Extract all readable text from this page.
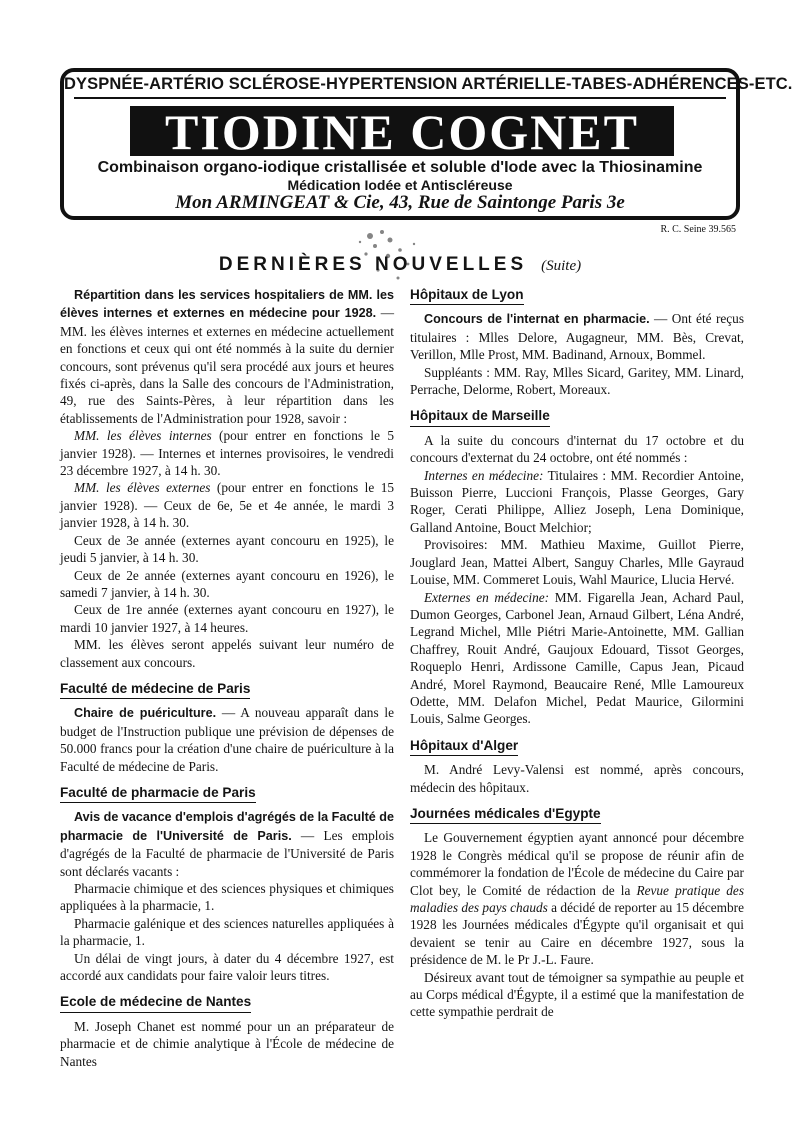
DYSPNÉE-ARTÉRIO SCLÉROSE-HYPERTENSION ARTÉRIELLE-TABES-ADHÉRENCES-ETC.
TIODINE COGNET
Combinaison organo-iodique cristallisée et soluble d'Iode avec la Thiosinamine
Médication Iodée et Antiscléreuse
Mon ARMINGEAT & Cie, 43, Rue de Saintonge Paris 3e
R. C. Seine 39.565
DERNIÈRES NOUVELLES (Suite)

Répartition dans les services hospitaliers de MM. les élèves internes et externes en médecine pour 1928. — MM. les élèves internes et externes en médecine actuellement en fonctions et ceux qui ont été nommés à la suite du dernier concours, sont prévenus qu'il sera procédé aux jours et heures fixés ci-après, dans la Salle des concours de l'Administration, 49, rue des Saints-Pères, à leur répartition dans les établissements de l'Administration pour 1928, savoir :

MM. les élèves internes (pour entrer en fonctions le 5 janvier 1928). — Internes et internes provisoires, le vendredi 23 décembre 1927, à 14 h. 30.

MM. les élèves externes (pour entrer en fonctions le 15 janvier 1928). — Ceux de 6e, 5e et 4e année, le mardi 3 janvier 1928, à 14 h. 30.

Ceux de 3e année (externes ayant concouru en 1925), le jeudi 5 janvier, à 14 h. 30.

Ceux de 2e année (externes ayant concouru en 1926), le samedi 7 janvier, à 14 h. 30.

Ceux de 1re année (externes ayant concouru en 1927), le mardi 10 janvier 1927, à 14 heures.

MM. les élèves seront appelés suivant leur numéro de classement aux concours.

Faculté de médecine de Paris

Chaire de puériculture. — A nouveau apparaît dans le budget de l'Instruction publique une prévision de dépenses de 50.000 francs pour la création d'une chaire de puériculture à la Faculté de médecine de Paris.

Faculté de pharmacie de Paris

Avis de vacance d'emplois d'agrégés de la Faculté de pharmacie de l'Université de Paris. — Les emplois d'agrégés de la Faculté de pharmacie de l'Université de Paris sont déclarés vacants :

Pharmacie chimique et des sciences physiques et chimiques appliquées à la pharmacie, 1.

Pharmacie galénique et des sciences naturelles appliquées à la pharmacie, 1.

Un délai de vingt jours, à dater du 4 décembre 1927, est accordé aux candidats pour faire valoir leurs titres.

Ecole de médecine de Nantes

M. Joseph Chanet est nommé pour un an préparateur de pharmacie et de chimie analytique à l'École de médecine de Nantes

Hôpitaux de Lyon

Concours de l'internat en pharmacie. — Ont été reçus titulaires : Mlles Delore, Augagneur, MM. Bès, Crevat, Verillon, Mlle Prost, MM. Badinand, Arnoux, Bommel.

Suppléants : MM. Ray, Mlles Sicard, Garitey, MM. Linard, Perrache, Delorme, Robert, Moreaux.

Hôpitaux de Marseille

A la suite du concours d'internat du 17 octobre et du concours d'externat du 24 octobre, ont été nommés :

Internes en médecine: Titulaires : MM. Recordier Antoine, Buisson Pierre, Luccioni François, Plasse Georges, Gary Roger, Cerati Philippe, Alliez Joseph, Lena Dominique, Galland Antoine, Bouct Melchior;

Provisoires: MM. Mathieu Maxime, Guillot Pierre, Jouglard Jean, Mattei Albert, Sanguy Charles, Mlle Gayraud Louise, MM. Commeret Louis, Wahl Maurice, Llucia Hervé.

Externes en médecine: MM. Figarella Jean, Achard Paul, Dumon Georges, Carbonel Jean, Arnaud Gilbert, Léna André, Legrand Michel, Mlle Piétri Marie-Antoinette, MM. Gallian Chaffrey, Rouit André, Gaujoux Edouard, Tissot Georges, Roqueplo Henri, Ardissone Camille, Capus Jean, Picaud André, Morel Raymond, Beaucaire René, Mlle Lamoureux Odette, MM. Delafon Michel, Pedat Maurice, Gilormini Louis, Salme Georges.

Hôpitaux d'Alger

M. André Levy-Valensi est nommé, après concours, médecin des hôpitaux.

Journées médicales d'Egypte

Le Gouvernement égyptien ayant annoncé pour décembre 1928 le Congrès médical qu'il se propose de réunir afin de commémorer la fondation de l'École de médecine du Caire par Clot bey, le Comité de rédaction de la Revue pratique des maladies des pays chauds a décidé de reporter au 15 décembre 1928 les Journées médicales d'Égypte qu'il organisait et qui devaient se tenir au Caire en décembre 1927, sous la présidence de M. le Pr J.-L. Faure.

Désireux avant tout de témoigner sa sympathie au peuple et au Corps médical d'Égypte, il a estimé que la manifestation de cette sympathie perdrait de
